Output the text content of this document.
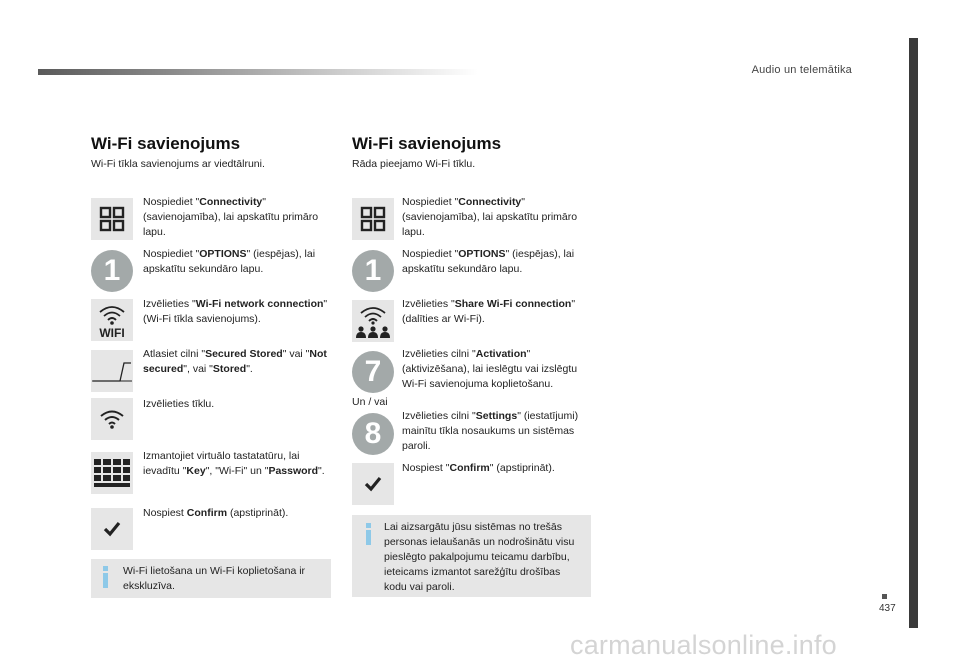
Audio un telemātika
437
Wi-Fi savienojums
Wi-Fi tīkla savienojums ar viedtālruni.
Nospiediet "Connectivity" (savienojamība), lai apskatītu primāro lapu.
1	Nospiediet "OPTIONS" (iespējas), lai apskatītu sekundāro lapu.
WIFI
Izvēlieties "Wi-Fi network connection" (Wi-Fi tīkla savienojums).
Atlasiet cilni "Secured Stored" vai "Not secured", vai "Stored".
Izvēlieties tīklu.
Izmantojiet virtuālo tastatatūru, lai ievadītu "Key", "Wi-Fi" un "Password".
Nospiest Confirm (apstiprināt).
Wi-Fi lietošana un Wi-Fi koplietošana ir ekskluzīva.
Wi-Fi savienojums
Rāda pieejamo Wi-Fi tīklu.
Nospiediet "Connectivity" (savienojamība), lai apskatītu primāro lapu.
1	Nospiediet "OPTIONS" (iespējas), lai apskatītu sekundāro lapu.
Izvēlieties "Share Wi-Fi connection" (dalīties ar Wi-Fi).
7
Izvēlieties cilni "Activation" (aktivizēšana), lai ieslēgtu vai izslēgtu Wi-Fi savienojuma koplietošanu.
Un / vai
8
Izvēlieties cilni "Settings" (iestatījumi) mainītu tīkla nosaukums un sistēmas paroli.
Nospiest "Confirm" (apstiprināt).
Lai aizsargātu jūsu sistēmas no trešās personas ielaušanās un nodrošinātu visu pieslēgto pakalpojumu teicamu darbību, ieteicams izmantot sarežģītu drošības kodu vai paroli.
carmanualsonline.info
